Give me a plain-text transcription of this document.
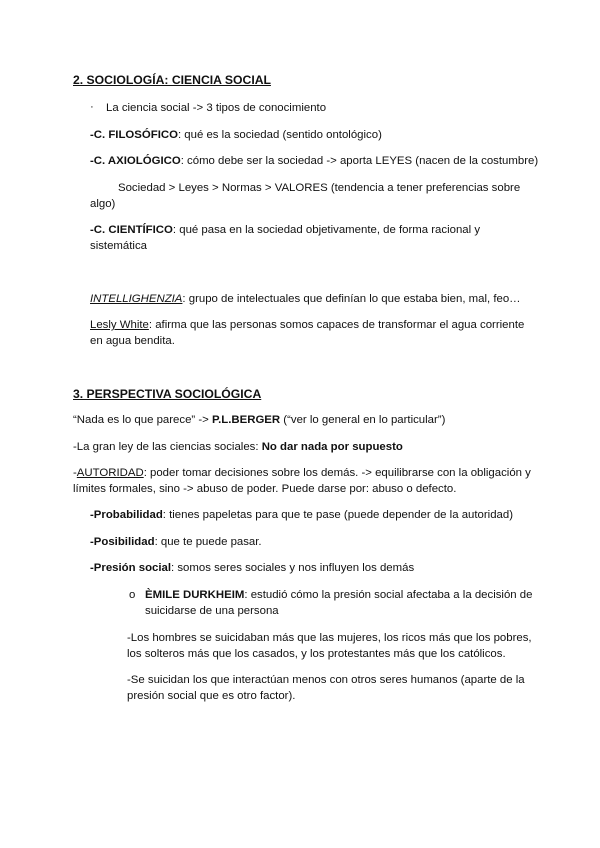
2. SOCIOLOGÍA: CIENCIA SOCIAL
· La ciencia social -> 3 tipos de conocimiento
-C. FILOSÓFICO: qué es la sociedad (sentido ontológico)
-C. AXIOLÓGICO: cómo debe ser la sociedad -> aporta LEYES (nacen de la costumbre)
Sociedad > Leyes > Normas > VALORES (tendencia a tener preferencias sobre
algo)
-C. CIENTÍFICO: qué pasa en la sociedad objetivamente, de forma racional y
sistemática
INTELLIGHENZIA: grupo de intelectuales que definían lo que estaba bien, mal, feo…
Lesly White: afirma que las personas somos capaces de transformar el agua corriente
en agua bendita.
3. PERSPECTIVA SOCIOLÓGICA
“Nada es lo que parece” -> P.L.BERGER (“ver lo general en lo particular”)
-La gran ley de las ciencias sociales: No dar nada por supuesto
-AUTORIDAD: poder tomar decisiones sobre los demás. -> equilibrarse con la obligación y
límites formales, sino -> abuso de poder. Puede darse por: abuso o defecto.
-Probabilidad: tienes papeletas para que te pase (puede depender de la autoridad)
-Posibilidad: que te puede pasar.
-Presión social: somos seres sociales y nos influyen los demás
o ÈMILE DURKHEIM: estudió cómo la presión social afectaba a la decisión de
suicidarse de una persona
-Los hombres se suicidaban más que las mujeres, los ricos más que los pobres,
los solteros más que los casados, y los protestantes más que los católicos.
-Se suicidan los que interactúan menos con otros seres humanos (aparte de la
presión social que es otro factor).
